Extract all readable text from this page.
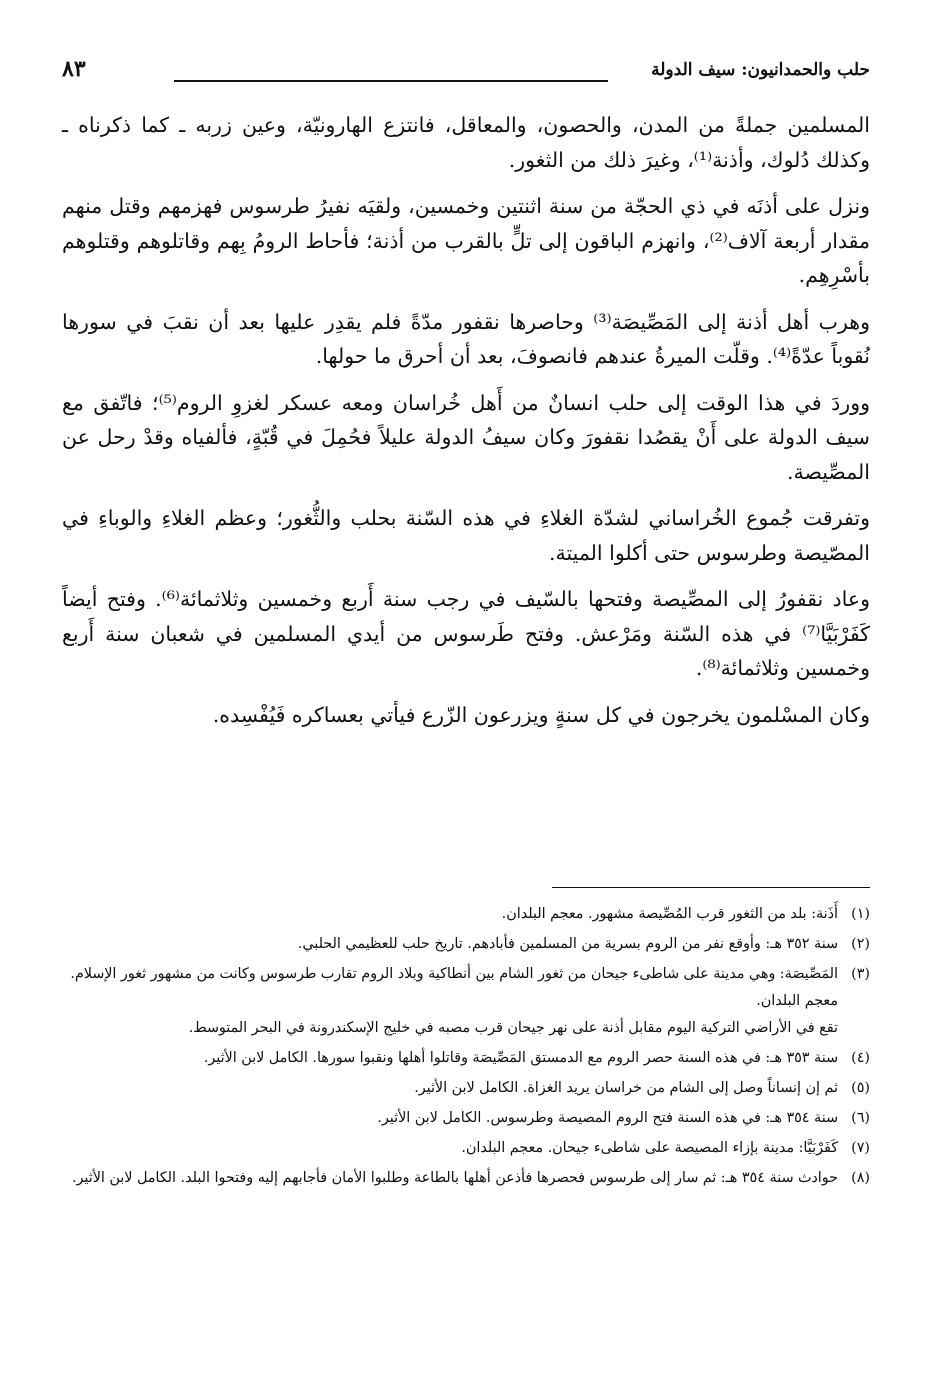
حلب والحمدانيون: سيف الدولة
٨٣

المسلمين جملةً من المدن، والحصون، والمعاقل، فانتزع الهارونيّة، وعين زربه ـ كما ذكرناه ـ وكذلك دُلوك، وأذنة⁽¹⁾، وغيرَ ذلك من الثغور.

ونزل على أذنَه في ذي الحجّة من سنة اثنتين وخمسين، ولقيَه نفيرُ طرسوس فهزمهم وقتل منهم مقدار أربعة آلاف⁽²⁾، وانهزم الباقون إلى تلٍّ بالقرب من أذنة؛ فأحاط الرومُ بِهم وقاتلوهم وقتلوهم بأسْرِهِم.

وهرب أهل أذنة إلى المَصِّيصَة⁽³⁾ وحاصرها نقفور مدّةً فلم يقدِر عليها بعد أن نقبَ في سورها نُقوباً عدّةً⁽⁴⁾. وقلّت الميرةُ عندهم فانصوفَ، بعد أن أحرق ما حولها.

ووردَ في هذا الوقت إلى حلب انسانٌ من أَهل خُراسان ومعه عسكر لغزوِ الروم⁽⁵⁾؛ فاتّفق مع سيف الدولة على أَنْ يقصُدا نقفورَ وكان سيفُ الدولة عليلاً فحُمِلَ في قُبّةٍ، فألفياه وقدْ رحل عن المصِّيصة.

وتفرقت جُموع الخُراساني لشدّة الغلاءِ في هذه السّنة بحلب والثُّغور؛ وعظم الغلاءِ والوباءِ في المصّيصة وطرسوس حتى أكلوا الميتة.

وعاد نقفورُ إلى المصِّيصة وفتحها بالسّيف في رجب سنة أَربع وخمسين وثلاثمائة⁽⁶⁾. وفتح أيضاً كَفَرْبَيَّا⁽⁷⁾ في هذه السّنة ومَرْعش. وفتح طَرسوس من أيدي المسلمين في شعبان سنة أَربع وخمسين وثلاثمائة⁽⁸⁾.

وكان المسْلمون يخرجون في كل سنةٍ ويزرعون الزّرع فيأتي بعساكره فَيُفْسِده.

(١)
أَذَنة: بلد من الثغور قرب المُصِّيصة مشهور. معجم البلدان.
(٢)
سنة ٣٥٢ هـ: وأوقع نفر من الروم بسرية من المسلمين فأبادهم. تاريخ حلب للعظيمي الحلبي.
(٣)
المَصِّيصَة: وهي مدينة على شاطىء جيحان من ثغور الشام بين أنطاكية وبلاد الروم تقارب طرسوس وكانت من مشهور ثغور الإسلام. معجم البلدان.
تقع في الأراضي التركية اليوم مقابل أذنة على نهر جيحان قرب مصبه في خليج الإسكندرونة في البحر المتوسط.
(٤)
سنة ٣٥٣ هـ: في هذه السنة حصر الروم مع الدمستق المَصِّيصَة وقاتلوا أهلها ونقبوا سورها. الكامل لابن الأثير.
(٥)
ثم إن إنساناً وصل إلى الشام من خراسان يريد الغزاة. الكامل لابن الأثير.
(٦)
سنة ٣٥٤ هـ: في هذه السنة فتح الروم المصيصة وطرسوس. الكامل لابن الأثير.
(٧)
كَفَرْبَيَّا: مدينة بإزاء المصيصة على شاطىء جيحان. معجم البلدان.
(٨)
حوادث سنة ٣٥٤ هـ: ثم سار إلى طرسوس فحصرها فأذعن أهلها بالطاعة وطلبوا الأمان فأجابهم إليه وفتحوا البلد. الكامل لابن الأثير.
